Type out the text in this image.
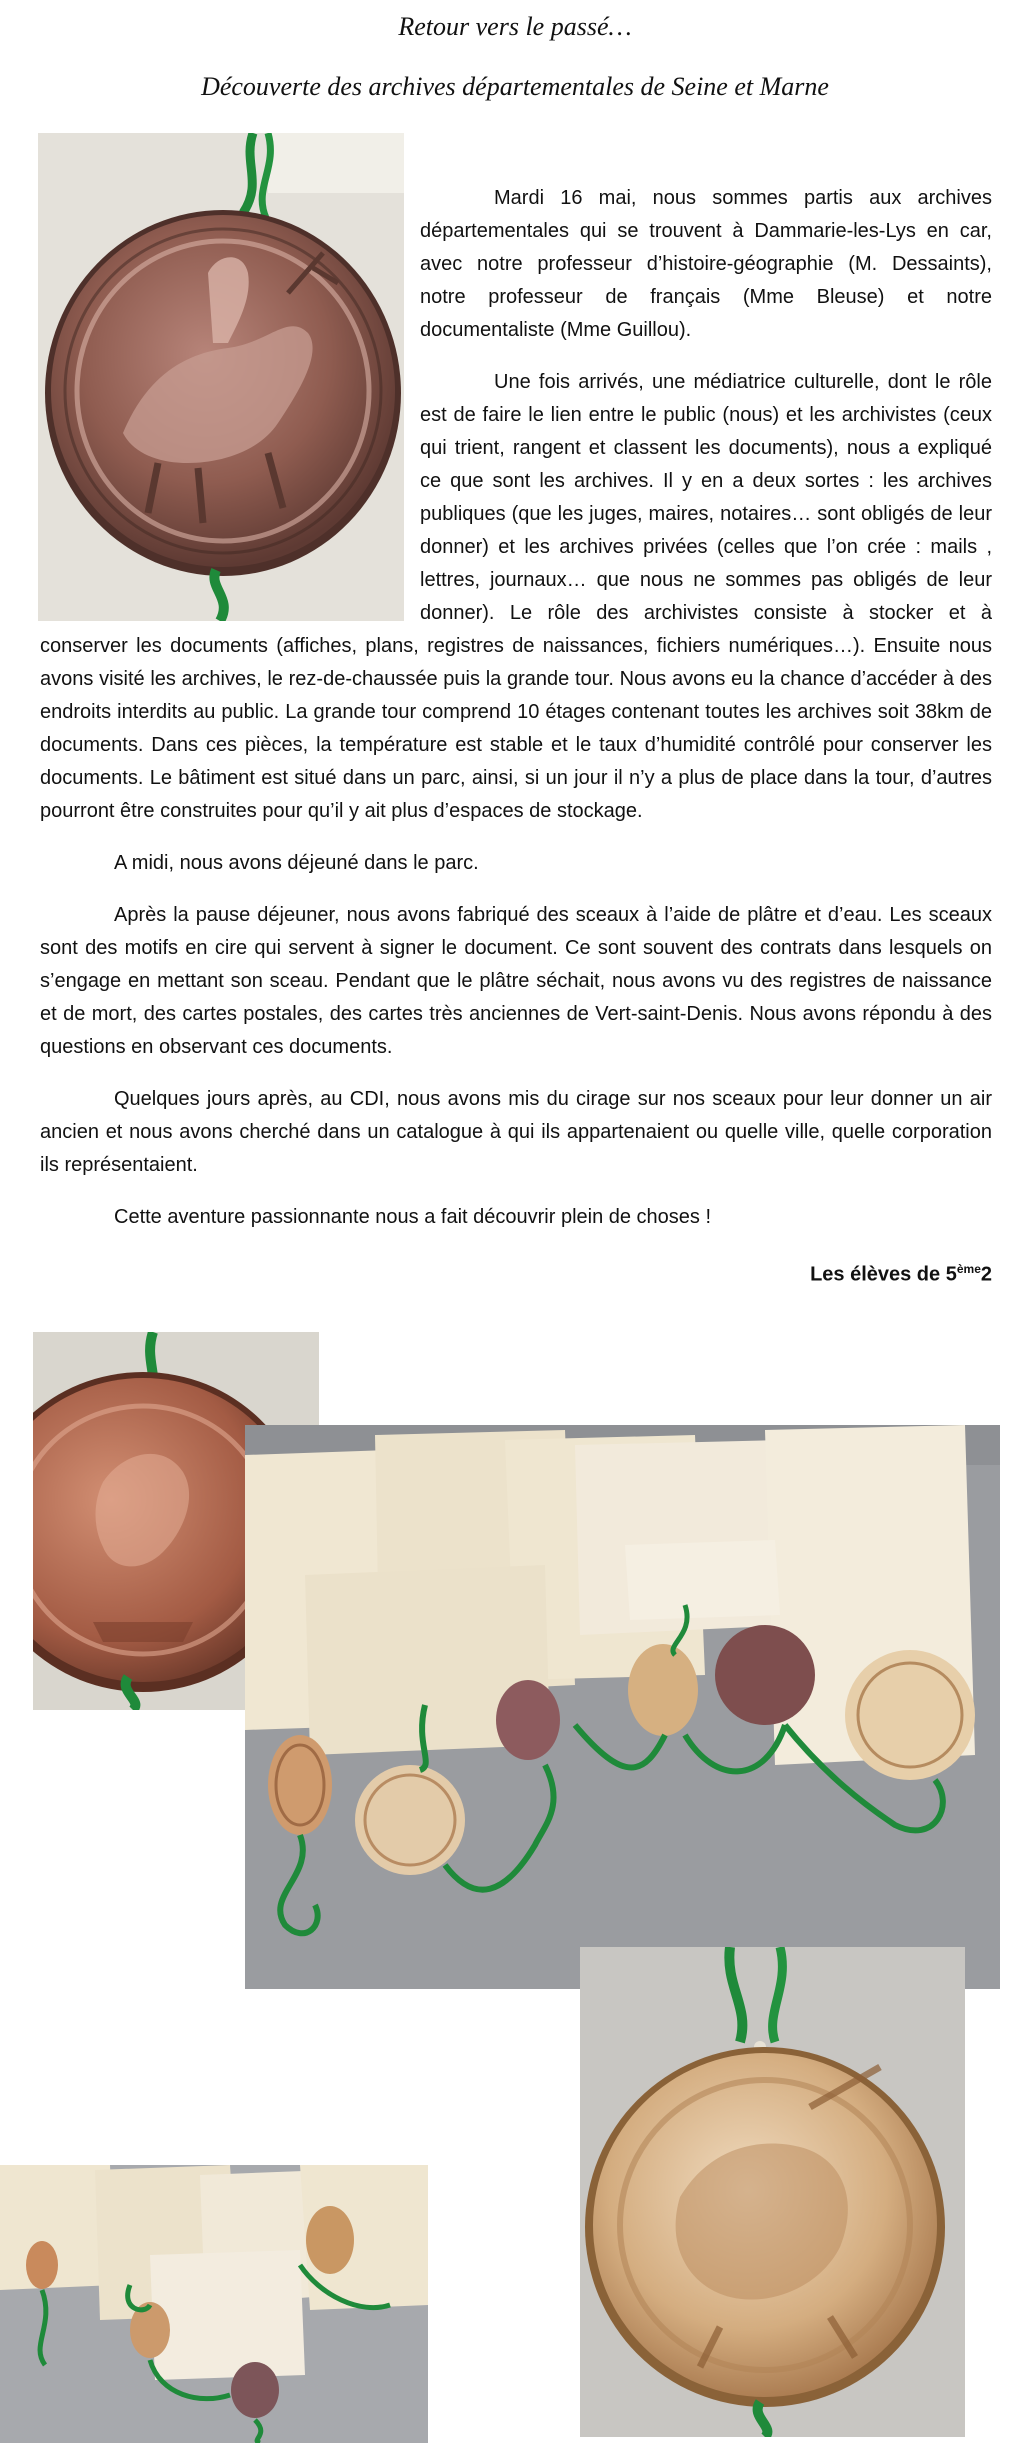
Retour vers le passé…
Découverte des archives départementales de Seine et Marne

Mardi 16 mai, nous sommes partis aux archives départementales qui se trouvent à Dammarie-les-Lys en car, avec notre professeur d’histoire-géographie (M. Dessaints), notre professeur de français (Mme Bleuse) et notre documentaliste (Mme Guillou).

Une fois arrivés, une médiatrice culturelle, dont le rôle est de faire le lien entre le public (nous) et les archivistes (ceux qui trient, rangent et classent les documents), nous a expliqué ce que sont les archives. Il y en a deux sortes : les archives publiques (que les juges, maires, notaires… sont obligés de leur donner) et les archives privées (celles que l’on crée : mails , lettres, journaux… que nous ne sommes pas obligés de leur donner). Le rôle des archivistes consiste à stocker et à conserver les documents (affiches, plans, registres de naissances, fichiers numériques…). Ensuite nous avons visité les archives, le rez-de-chaussée puis la grande tour. Nous avons eu la chance d’accéder à des endroits interdits au public. La grande tour comprend 10 étages contenant toutes les archives soit 38km de documents. Dans ces pièces, la température est stable et le taux d’humidité contrôlé pour conserver les documents. Le bâtiment est situé dans un parc, ainsi, si un jour il n’y a plus de place dans la tour, d’autres pourront être construites pour qu’il y ait plus d’espaces de stockage.

A midi, nous avons déjeuné dans le parc.

Après la pause déjeuner, nous avons fabriqué des sceaux à l’aide de plâtre et d’eau. Les sceaux sont des motifs en cire qui servent à signer le document. Ce sont souvent des contrats dans lesquels on s’engage en mettant son sceau. Pendant que le plâtre séchait, nous avons vu des registres de naissance et de mort, des cartes postales, des cartes très anciennes de Vert-saint-Denis. Nous avons répondu à des questions en observant ces documents.

Quelques jours après, au CDI, nous avons mis du cirage sur nos sceaux pour leur donner un air ancien et nous avons cherché dans un catalogue à qui ils appartenaient ou quelle ville, quelle corporation ils représentaient.

Cette aventure passionnante nous a fait découvrir plein de choses !

Les élèves de 5ème2
